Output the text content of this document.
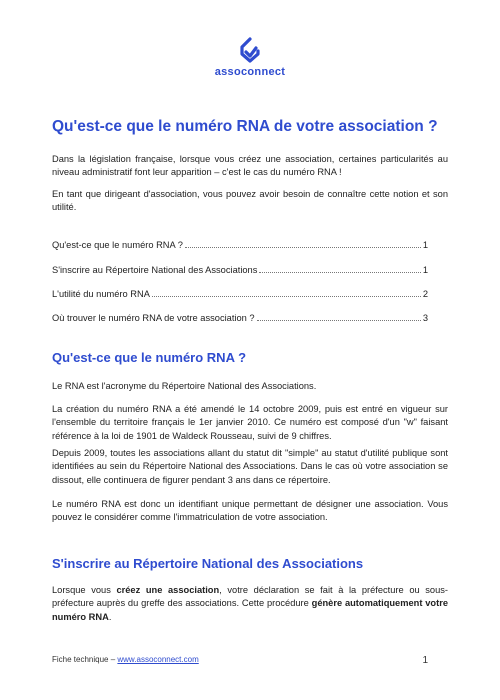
assoconnect
Qu'est-ce que le numéro RNA de votre association ?

Dans la législation française, lorsque vous créez une association, certaines particularités au niveau administratif font leur apparition – c'est le cas du numéro RNA !

En tant que dirigeant d'association, vous pouvez avoir besoin de connaître cette notion et son utilité.

Qu'est-ce que le numéro RNA ?	1
S'inscrire au Répertoire National des Associations	1
L'utilité du numéro RNA	2
Où trouver le numéro RNA de votre association ?	3
Qu'est-ce que le numéro RNA ?

Le RNA est l'acronyme du Répertoire National des Associations.

La création du numéro RNA a été amendé le 14 octobre 2009, puis est entré en vigueur sur l'ensemble du territoire français le 1er janvier 2010. Ce numéro est composé d'un "w" faisant référence à la loi de 1901 de Waldeck Rousseau, suivi de 9 chiffres.

Depuis 2009, toutes les associations allant du statut dit "simple" au statut d'utilité publique sont identifiées au sein du Répertoire National des Associations. Dans le cas où votre association se dissout, elle continuera de figurer pendant 3 ans dans ce répertoire.

Le numéro RNA est donc un identifiant unique permettant de désigner une association. Vous pouvez le considérer comme l'immatriculation de votre association.

S'inscrire au Répertoire National des Associations

Lorsque vous créez une association, votre déclaration se fait à la préfecture ou sous-préfecture auprès du greffe des associations. Cette procédure génère automatiquement votre numéro RNA.

Fiche technique – www.assoconnect.com	1
